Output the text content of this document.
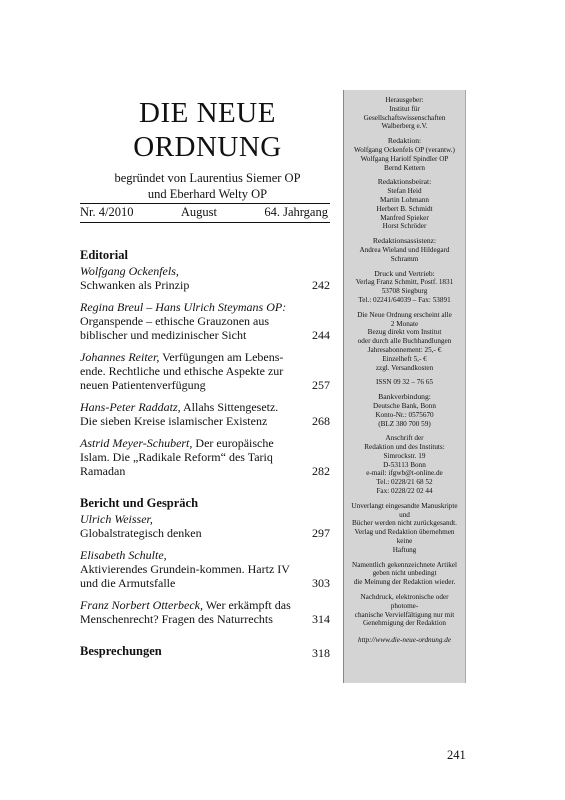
DIE NEUE
ORDNUNG
begründet von Laurentius Siemer OP
und Eberhard Welty OP
Nr. 4/2010	August	64. Jahrgang
Editorial
Wolfgang Ockenfels,
Schwanken als Prinzip	242
Regina Breul – Hans Ulrich Steymans OP:
Organspende – ethische Grauzonen aus biblischer und medizinischer Sicht	244
Johannes Reiter, Verfügungen am Lebens-ende. Rechtliche und ethische Aspekte zur neuen Patientenverfügung	257
Hans-Peter Raddatz, Allahs Sittengesetz. Die sieben Kreise islamischer Existenz	268
Astrid Meyer-Schubert, Der europäische Islam. Die „Radikale Reform“ des Tariq Ramadan	282
Bericht und Gespräch
Ulrich Weisser,
Globalstrategisch denken	297
Elisabeth Schulte,
Aktivierendes Grundein-kommen. Hartz IV und die Armutsfalle	303
Franz Norbert Otterbeck, Wer erkämpft das Menschenrecht? Fragen des Naturrechts	314
Besprechungen	318
Herausgeber:
Institut für
Gesellschaftswissenschaften
Walberberg e.V.
Redaktion:
Wolfgang Ockenfels OP (verantw.)
Wolfgang Hariolf Spindler OP
Bernd Kettern
Redaktionsbeirat:
Stefan Heid
Martin Lohmann
Herbert B. Schmidt
Manfred Spieker
Horst Schröder
Redaktionsassistenz:
Andrea Wieland und Hildegard Schramm
Druck und Vertrieb:
Verlag Franz Schmitt, Postf. 1831
53708 Siegburg
Tel.: 02241/64039 – Fax: 53891
Die Neue Ordnung erscheint alle
2 Monate
Bezug direkt vom Institut
oder durch alle Buchhandlungen
Jahresabonnement: 25,- €
Einzelheft 5,- €
zzgl. Versandkosten
ISSN 09 32 – 76 65
Bankverbindung:
Deutsche Bank, Bonn
Konto-Nr.: 0575670
(BLZ 380 700 59)
Anschrift der
Redaktion und des Instituts:
Simrockstr. 19
D-53113 Bonn
e-mail: ifgwb@t-online.de
Tel.: 0228/21 68 52
Fax: 0228/22 02 44
Unverlangt eingesandte Manuskripte und
Bücher werden nicht zurückgesandt.
Verlag und Redaktion übernehmen keine
Haftung
Namentlich gekennzeichnete Artikel
geben nicht unbedingt
die Meinung der Redaktion wieder.
Nachdruck, elektronische oder photome-
chanische Vervielfältigung nur mit
Genehmigung der Redaktion
http://www.die-neue-ordnung.de
241
